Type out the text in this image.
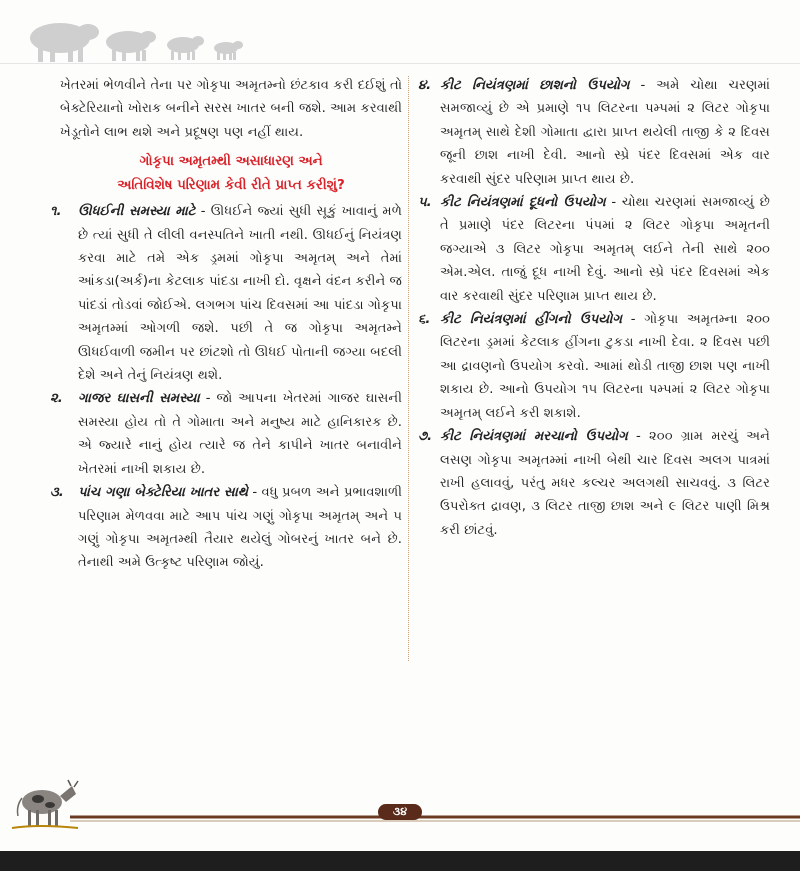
ખેતરમાં ભેળવીને તેના પર ગોકૃપા અમૃતમ્નો છંટકાવ કરી દઈશું તો બેક્ટેરિયાનો ખોરાક બનીને સરસ ખાતર બની જશે. આમ કરવાથી ખેડૂતોને લાભ થશે અને પ્રદૂષણ પણ નહીં થાય.

ગોકૃપા અમૃતમ્થી અસાધારણ અને
અતિવિશેષ પરિણામ કેવી રીતે પ્રાપ્ત કરીશું?
૧.	ઊધઈની સમસ્યા માટે - ઊધઈને જ્યાં સુધી સૂકું ખાવાનું મળે છે ત્યાં સુધી તે લીલી વનસ્પતિને ખાતી નથી. ઊધઈનું નિયંત્રણ કરવા માટે તમે એક ડ્રમમાં ગોકૃપા અમૃતમ્ અને તેમાં આંકડા(અર્ક)ના કેટલાક પાંદડા નાખી દો. વૃક્ષને વંદન કરીને જ પાંદડાં તોડવાં જોઈએ. લગભગ પાંચ દિવસમાં આ પાંદડા ગોકૃપા અમૃતમ્માં ઓગળી જશે. પછી તે જ ગોકૃપા અમૃતમ્ને ઊધઈવાળી જમીન પર છાંટશો તો ઊધઈ પોતાની જગ્યા બદલી દેશે અને તેનું નિયંત્રણ થશે.
૨.	ગાજર ઘાસની સમસ્યા - જો આપના ખેતરમાં ગાજર ઘાસની સમસ્યા હોય તો તે ગોમાતા અને મનુષ્ય માટે હાનિકારક છે. એ જ્યારે નાનું હોય ત્યારે જ તેને કાપીને ખાતર બનાવીને ખેતરમાં નાખી શકાય છે.
૩.	પાંચ ગણા બેક્ટેરિયા ખાતર સાથે - વધુ પ્રબળ અને પ્રભાવશાળી પરિણામ મેળવવા માટે આપ પાંચ ગણું ગોકૃપા અમૃતમ્ અને ૫ ગણું ગોકૃપા અમૃતમ્થી તૈયાર થયેલું ગોબરનું ખાતર બને છે. તેનાથી અમે ઉત્કૃષ્ટ પરિણામ જોયું.
૪. કીટ નિયંત્રણમાં છાશનો ઉપયોગ - અમે ચોથા ચરણમાં સમજાવ્યું છે એ પ્રમાણે ૧૫ લિટરના પમ્પમાં ૨ લિટર ગોકૃપા અમૃતમ્ સાથે દેશી ગોમાતા દ્વારા પ્રાપ્ત થયેલી તાજી કે ૨ દિવસ જૂની છાશ નાખી દેવી. આનો સ્પ્રે પંદર દિવસમાં એક વાર કરવાથી સુંદર પરિણામ પ્રાપ્ત થાય છે.
૫. કીટ નિયંત્રણમાં દૂધનો ઉપયોગ - ચોથા ચરણમાં સમજાવ્યું છે તે પ્રમાણે પંદર લિટરના પંપમાં ૨ લિટર ગોકૃપા અમૃતની જગ્યાએ ૩ લિટર ગોકૃપા અમૃતમ્ લઈને તેની સાથે ૨૦૦ એમ.એલ. તાજું દૂધ નાખી દેવું. આનો સ્પ્રે પંદર દિવસમાં એક વાર કરવાથી સુંદર પરિણામ પ્રાપ્ત થાય છે.
૬. કીટ નિયંત્રણમાં હીંગનો ઉપયોગ - ગોકૃપા અમૃતમ્ના ૨૦૦ લિટરના ડ્રમમાં કેટલાક હીંગના ટુકડા નાખી દેવા. ૨ દિવસ પછી આ દ્રાવણનો ઉપયોગ કરવો. આમાં થોડી તાજી છાશ પણ નાખી શકાય છે. આનો ઉપયોગ ૧૫ લિટરના પમ્પમાં ૨ લિટર ગોકૃપા અમૃતમ્ લઈને કરી શકાશે.
૭. કીટ નિયંત્રણમાં મરચાનો ઉપયોગ - ૨૦૦ ગ્રામ મરચું અને લસણ ગોકૃપા અમૃતમ્માં નાખી બેથી ચાર દિવસ અલગ પાત્રમાં રાખી હલાવવું, પરંતુ મધર કલ્ચર અલગથી સાચવવું. ૩ લિટર ઉપરોક્ત દ્રાવણ, ૩ લિટર તાજી છાશ અને ૯ લિટર પાણી મિશ્ર કરી છાંટવું.
૩૪
